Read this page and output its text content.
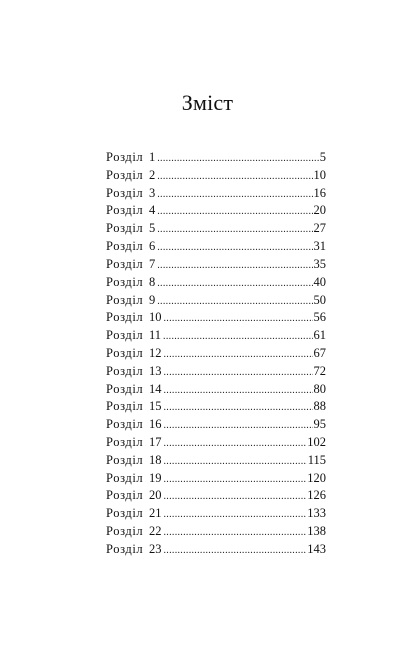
Зміст
Розділ 1 .....	5
Розділ 2 .....	10
Розділ 3 .....	16
Розділ 4 .....	20
Розділ 5 .....	27
Розділ 6 .....	31
Розділ 7 .....	35
Розділ 8 .....	40
Розділ 9 .....	50
Розділ 10 .....	56
Розділ 11 .....	61
Розділ 12 .....	67
Розділ 13 .....	72
Розділ 14 .....	80
Розділ 15 .....	88
Розділ 16 .....	95
Розділ 17 .....	102
Розділ 18 .....	115
Розділ 19 .....	120
Розділ 20 .....	126
Розділ 21 .....	133
Розділ 22 .....	138
Розділ 23 .....	143
